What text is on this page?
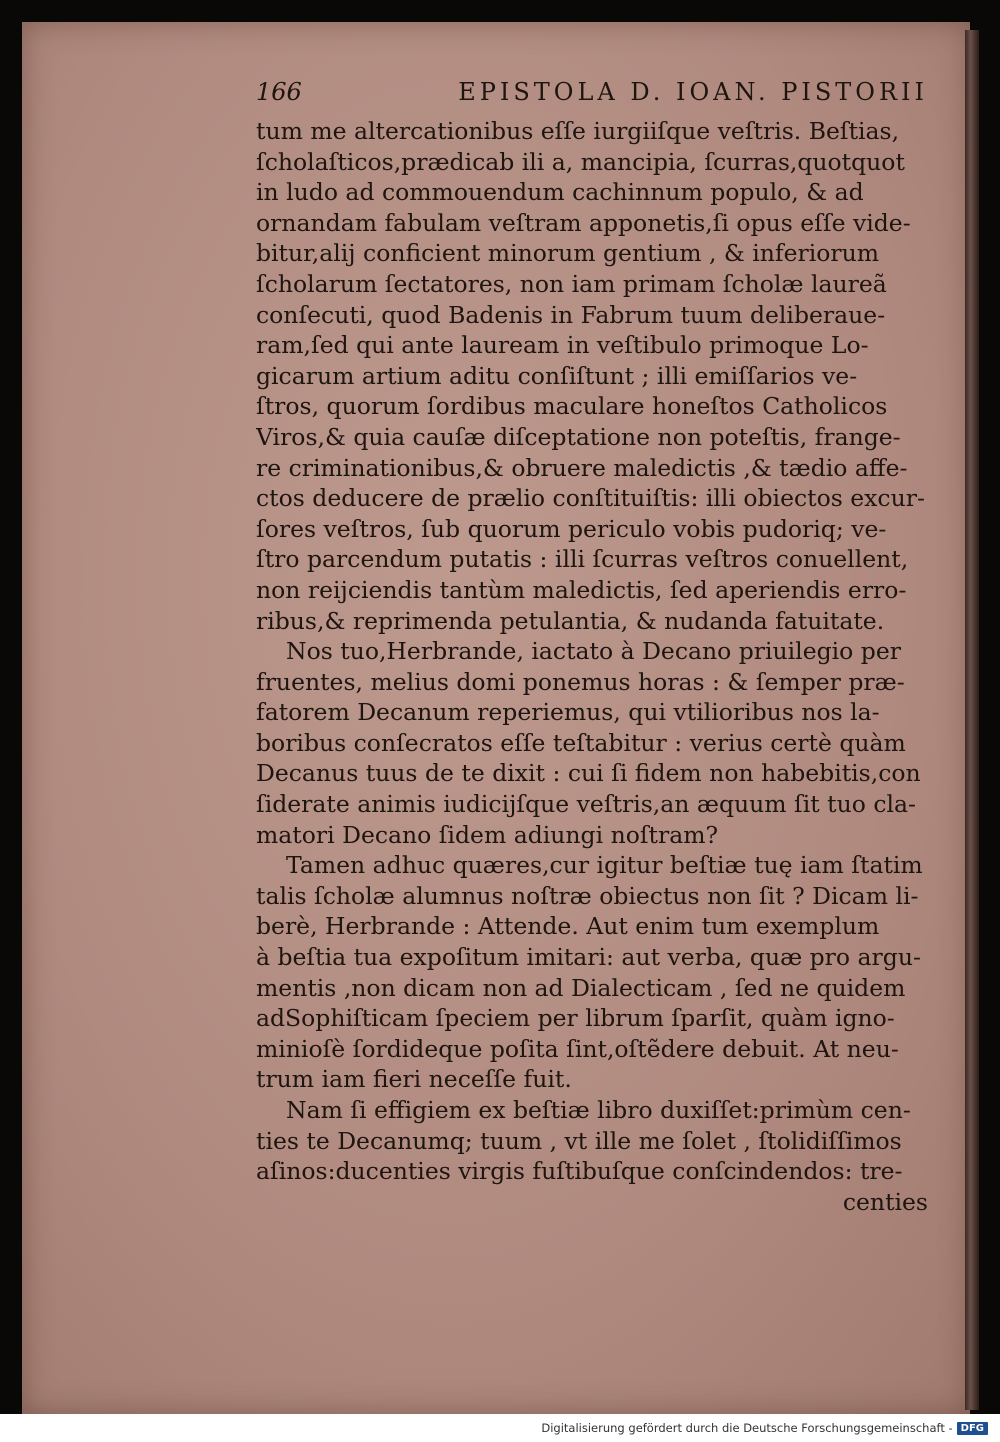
166	EPISTOLA D. IOAN. PISTORII
tum me altercationibus eſſe iurgiiſque veſtris. Beſtias,
ſcholaſticos,prædicab ili a, mancipia, ſcurras,quotquot
in ludo ad commouendum cachinnum populo, & ad
ornandam fabulam veſtram apponetis,ſi opus eſſe vide-
bitur,alij conficient minorum gentium , & inferiorum
ſcholarum ſectatores, non iam primam ſcholæ laureã
conſecuti, quod Badenis in Fabrum tuum deliberaue-
ram,ſed qui ante lauream in veſtibulo primoque Lo-
gicarum artium aditu conſiſtunt ; illi emiſſarios ve-
ſtros, quorum ſordibus maculare honeſtos Catholicos
Viros,& quia cauſæ diſceptatione non poteſtis, frange-
re criminationibus,& obruere maledictis ,& tædio affe-
ctos deducere de prælio conſtituiſtis: illi obiectos excur-
ſores veſtros, ſub quorum periculo vobis pudoriq; ve-
ſtro parcendum putatis : illi ſcurras veſtros conuellent,
non reijciendis tantùm maledictis, ſed aperiendis erro-
ribus,& reprimenda petulantia, & nudanda fatuitate.
Nos tuo,Herbrande, iactato à Decano priuilegio per
fruentes, melius domi ponemus horas : & ſemper præ-
fatorem Decanum reperiemus, qui vtilioribus nos la-
boribus conſecratos eſſe teſtabitur : verius certè quàm
Decanus tuus de te dixit : cui ſi fidem non habebitis,con
ſiderate animis iudicijſque veſtris,an æquum ſit tuo cla-
matori Decano ſidem adiungi noſtram?
Tamen adhuc quæres,cur igitur beſtiæ tuę iam ſtatim
talis ſcholæ alumnus noſtræ obiectus non ſit ? Dicam li-
berè, Herbrande : Attende. Aut enim tum exemplum
à beſtia tua expoſitum imitari: aut verba, quæ pro argu-
mentis ,non dicam non ad Dialecticam , ſed ne quidem
adSophiſticam ſpeciem per librum ſparſit, quàm igno-
minioſè ſordideque poſita ſint,oſtẽdere debuit. At neu-
trum iam fieri neceſſe fuit.
Nam ſi effigiem ex beſtiæ libro duxiſſet:primùm cen-
ties te Decanumq; tuum , vt ille me ſolet , ſtolidiſſimos
aſinos:ducenties virgis fuſtibuſque conſcindendos: tre-
centies
Digitalisierung gefördert durch die Deutsche Forschungsgemeinschaft - DFG
